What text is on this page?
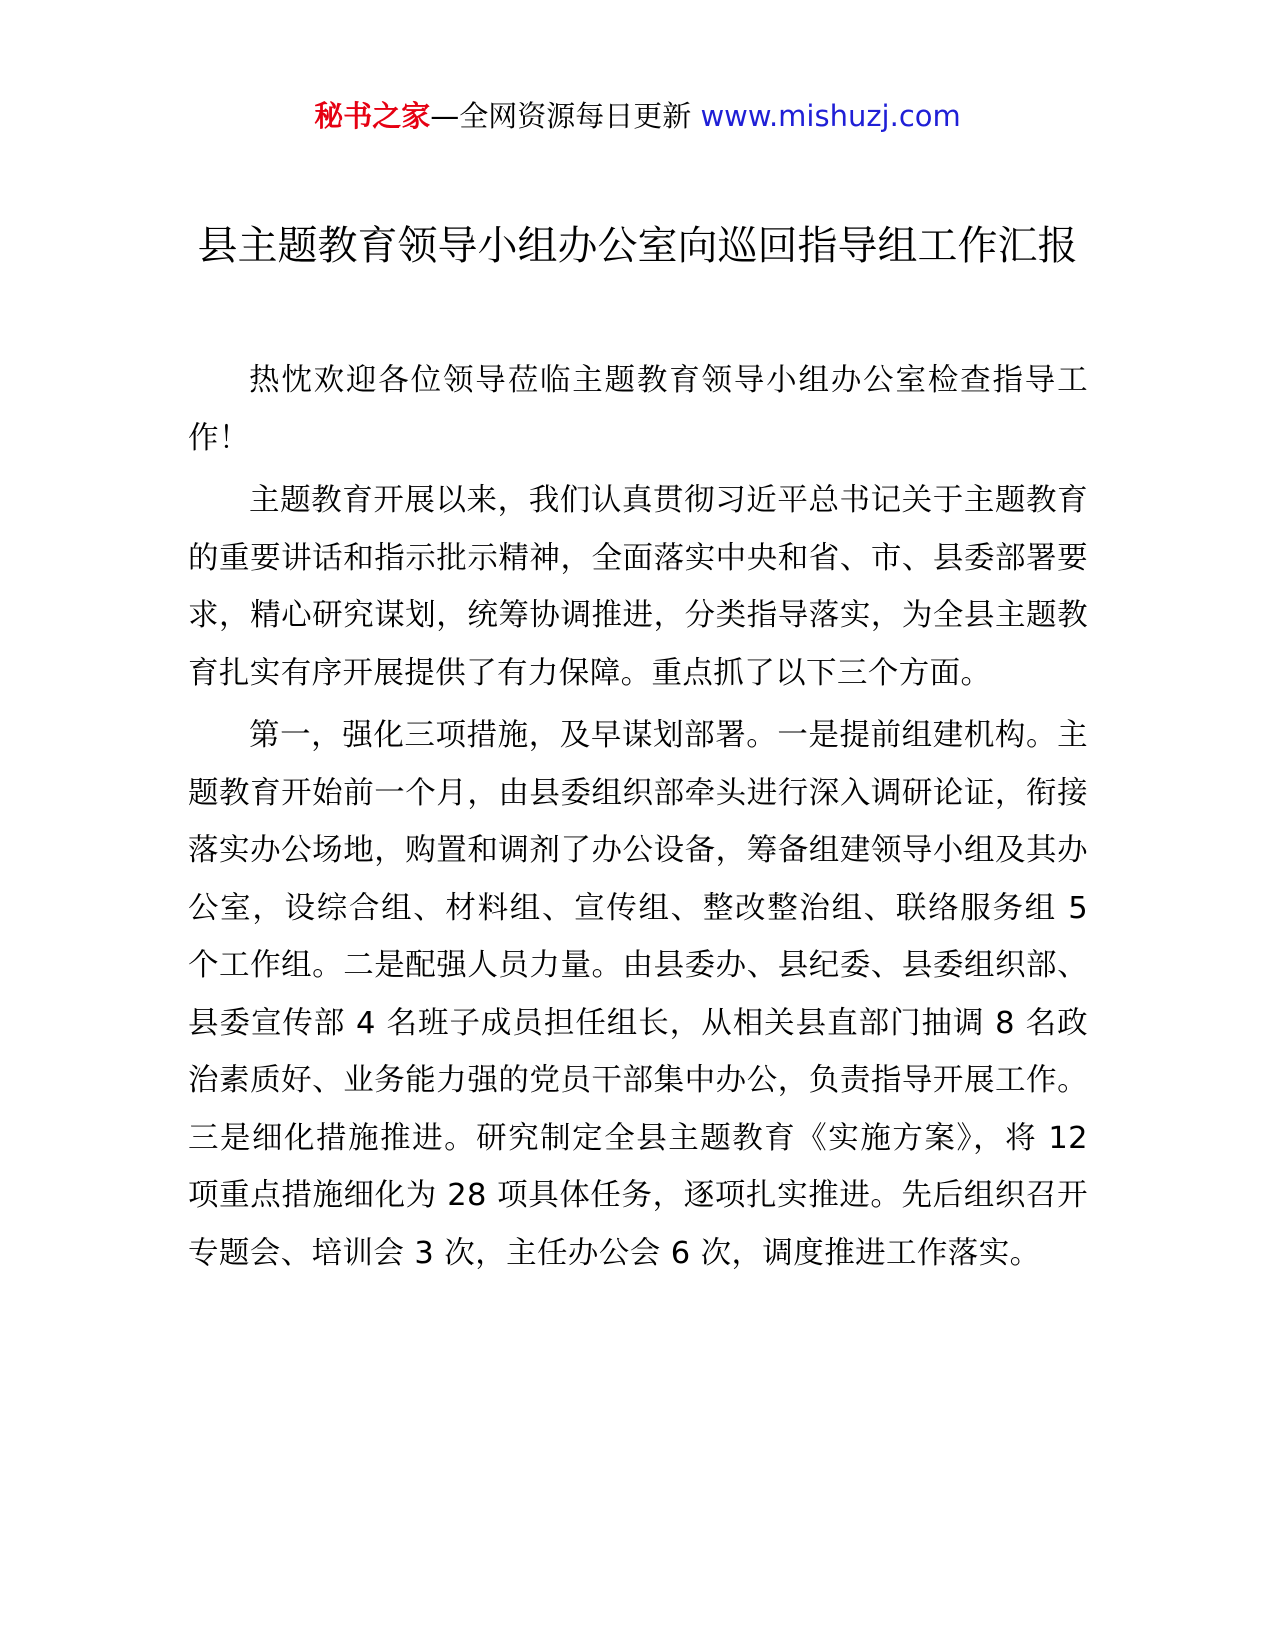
秘书之家—全网资源每日更新 www.mishuzj.com
县主题教育领导小组办公室向巡回指导组工作汇报

热忱欢迎各位领导莅临主题教育领导小组办公室检查指导工作！

主题教育开展以来，我们认真贯彻习近平总书记关于主题教育的重要讲话和指示批示精神，全面落实中央和省、市、县委部署要求，精心研究谋划，统筹协调推进，分类指导落实，为全县主题教育扎实有序开展提供了有力保障。重点抓了以下三个方面。

第一，强化三项措施，及早谋划部署。一是提前组建机构。主题教育开始前一个月，由县委组织部牵头进行深入调研论证，衔接落实办公场地，购置和调剂了办公设备，筹备组建领导小组及其办公室，设综合组、材料组、宣传组、整改整治组、联络服务组 5 个工作组。二是配强人员力量。由县委办、县纪委、县委组织部、县委宣传部 4 名班子成员担任组长，从相关县直部门抽调 8 名政治素质好、业务能力强的党员干部集中办公，负责指导开展工作。三是细化措施推进。研究制定全县主题教育《实施方案》，将 12 项重点措施细化为 28 项具体任务，逐项扎实推进。先后组织召开专题会、培训会 3 次，主任办公会 6 次，调度推进工作落实。
